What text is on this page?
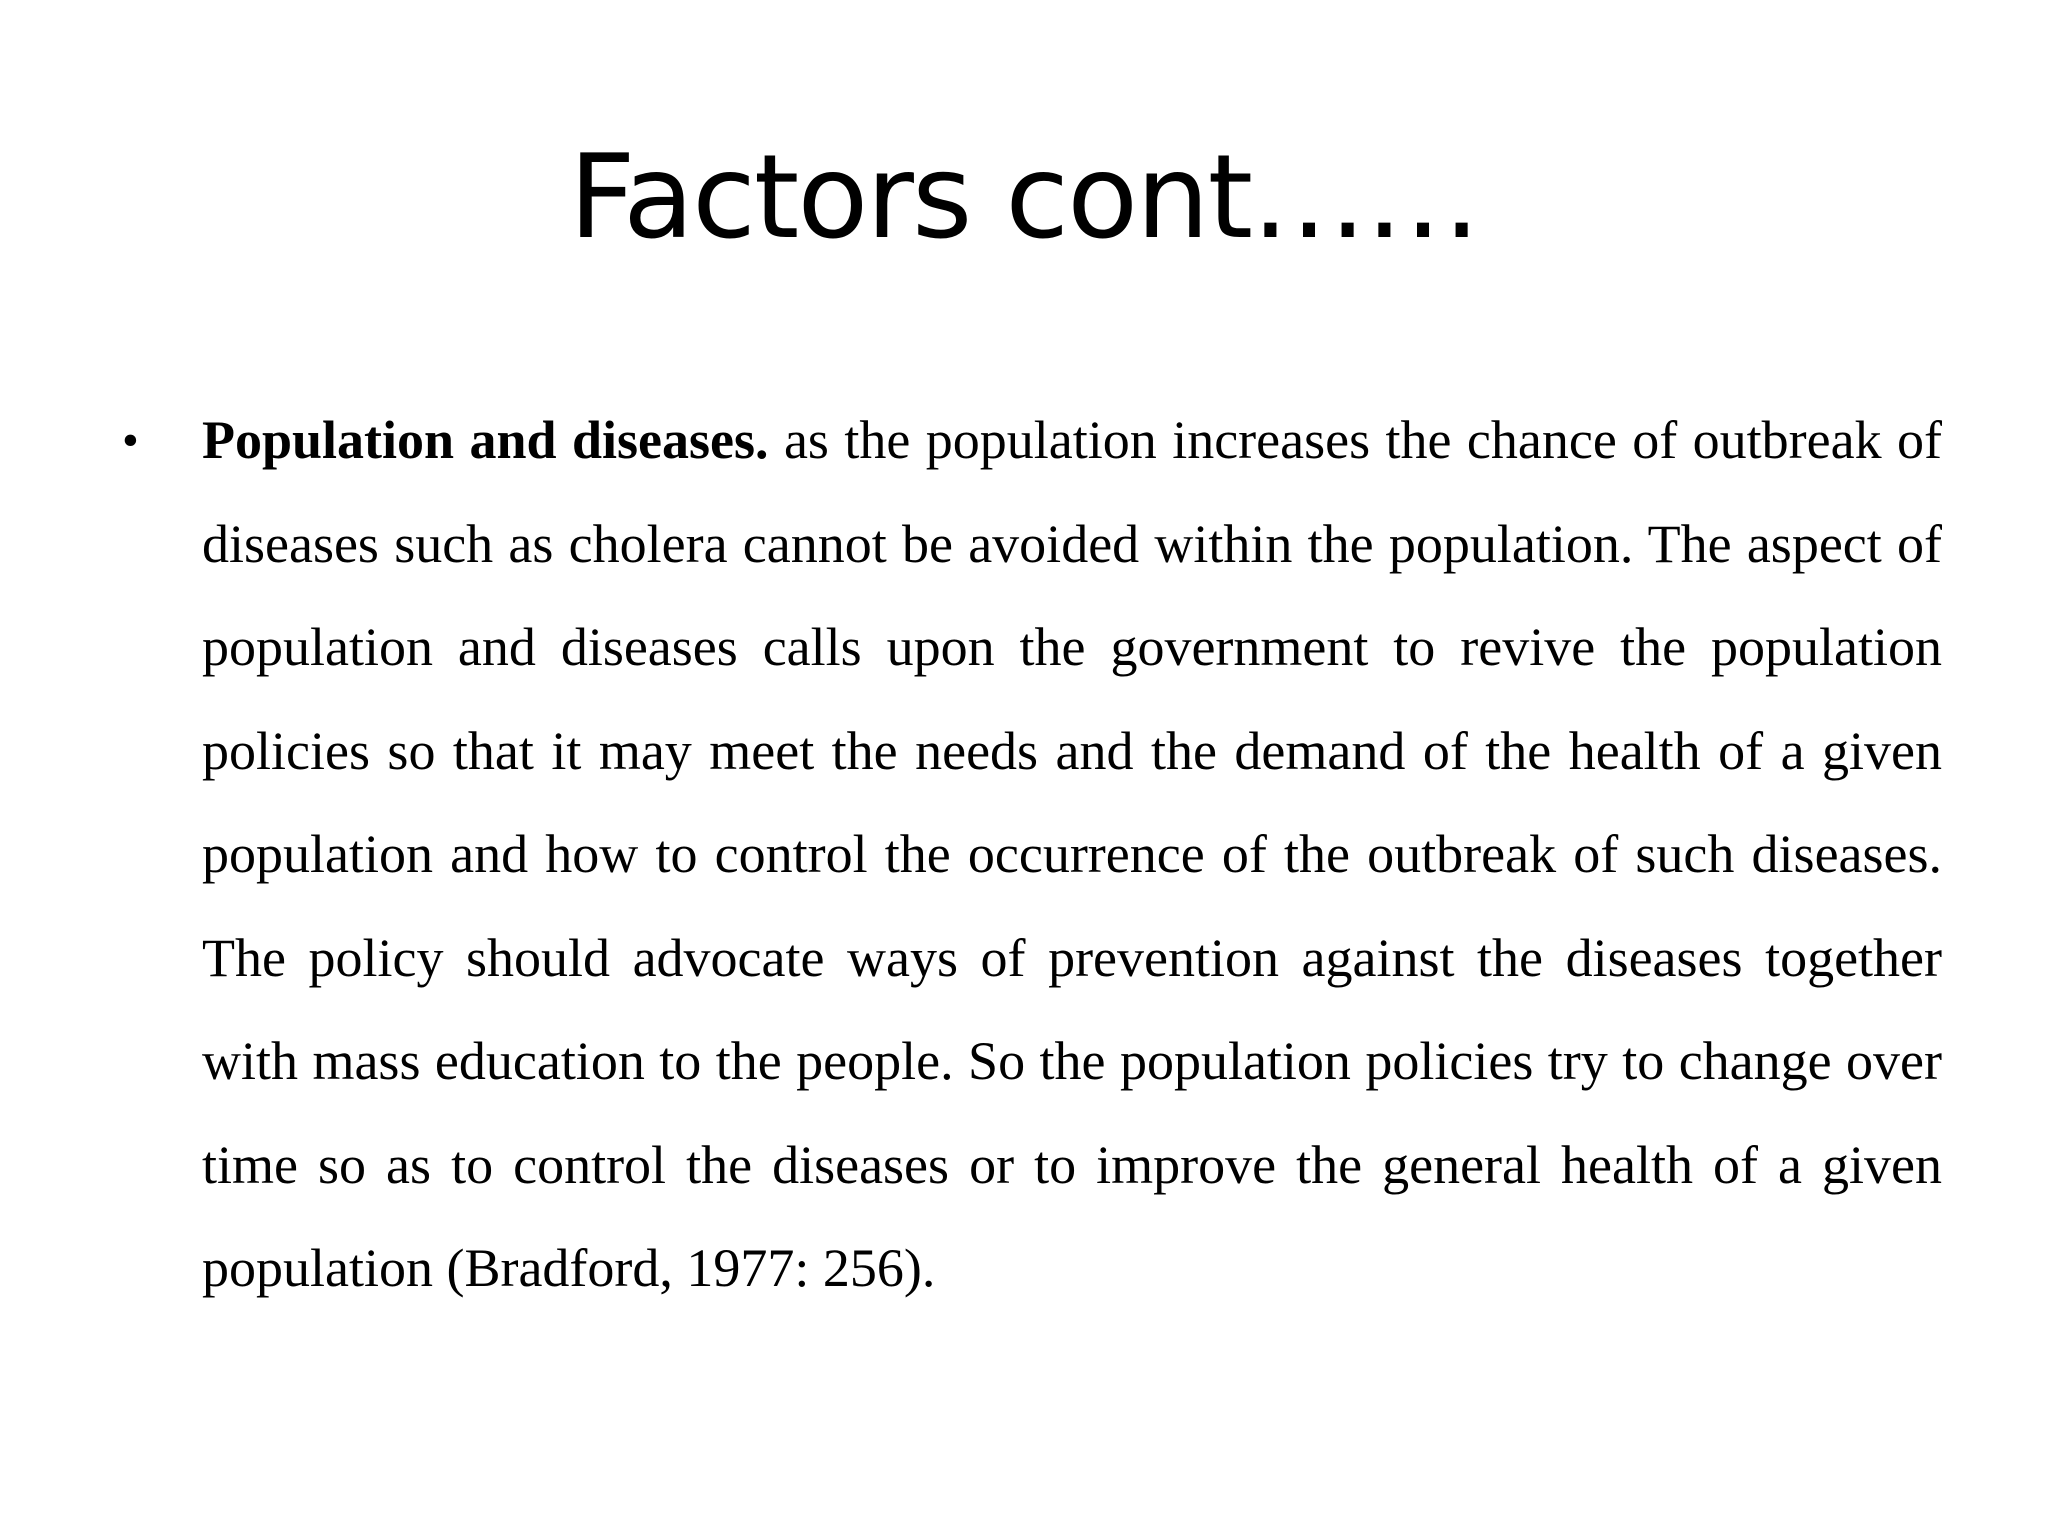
Factors cont……
• Population and diseases. as the population increases the chance of outbreak of diseases such as cholera cannot be avoided within the population. The aspect of population and diseases calls upon the government to revive the population policies so that it may meet the needs and the demand of the health of a given population and how to control the occurrence of the outbreak of such diseases. The policy should advocate ways of prevention against the diseases together with mass education to the people. So the population policies try to change over time so as to control the diseases or to improve the general health of a given population (Bradford, 1977: 256).
